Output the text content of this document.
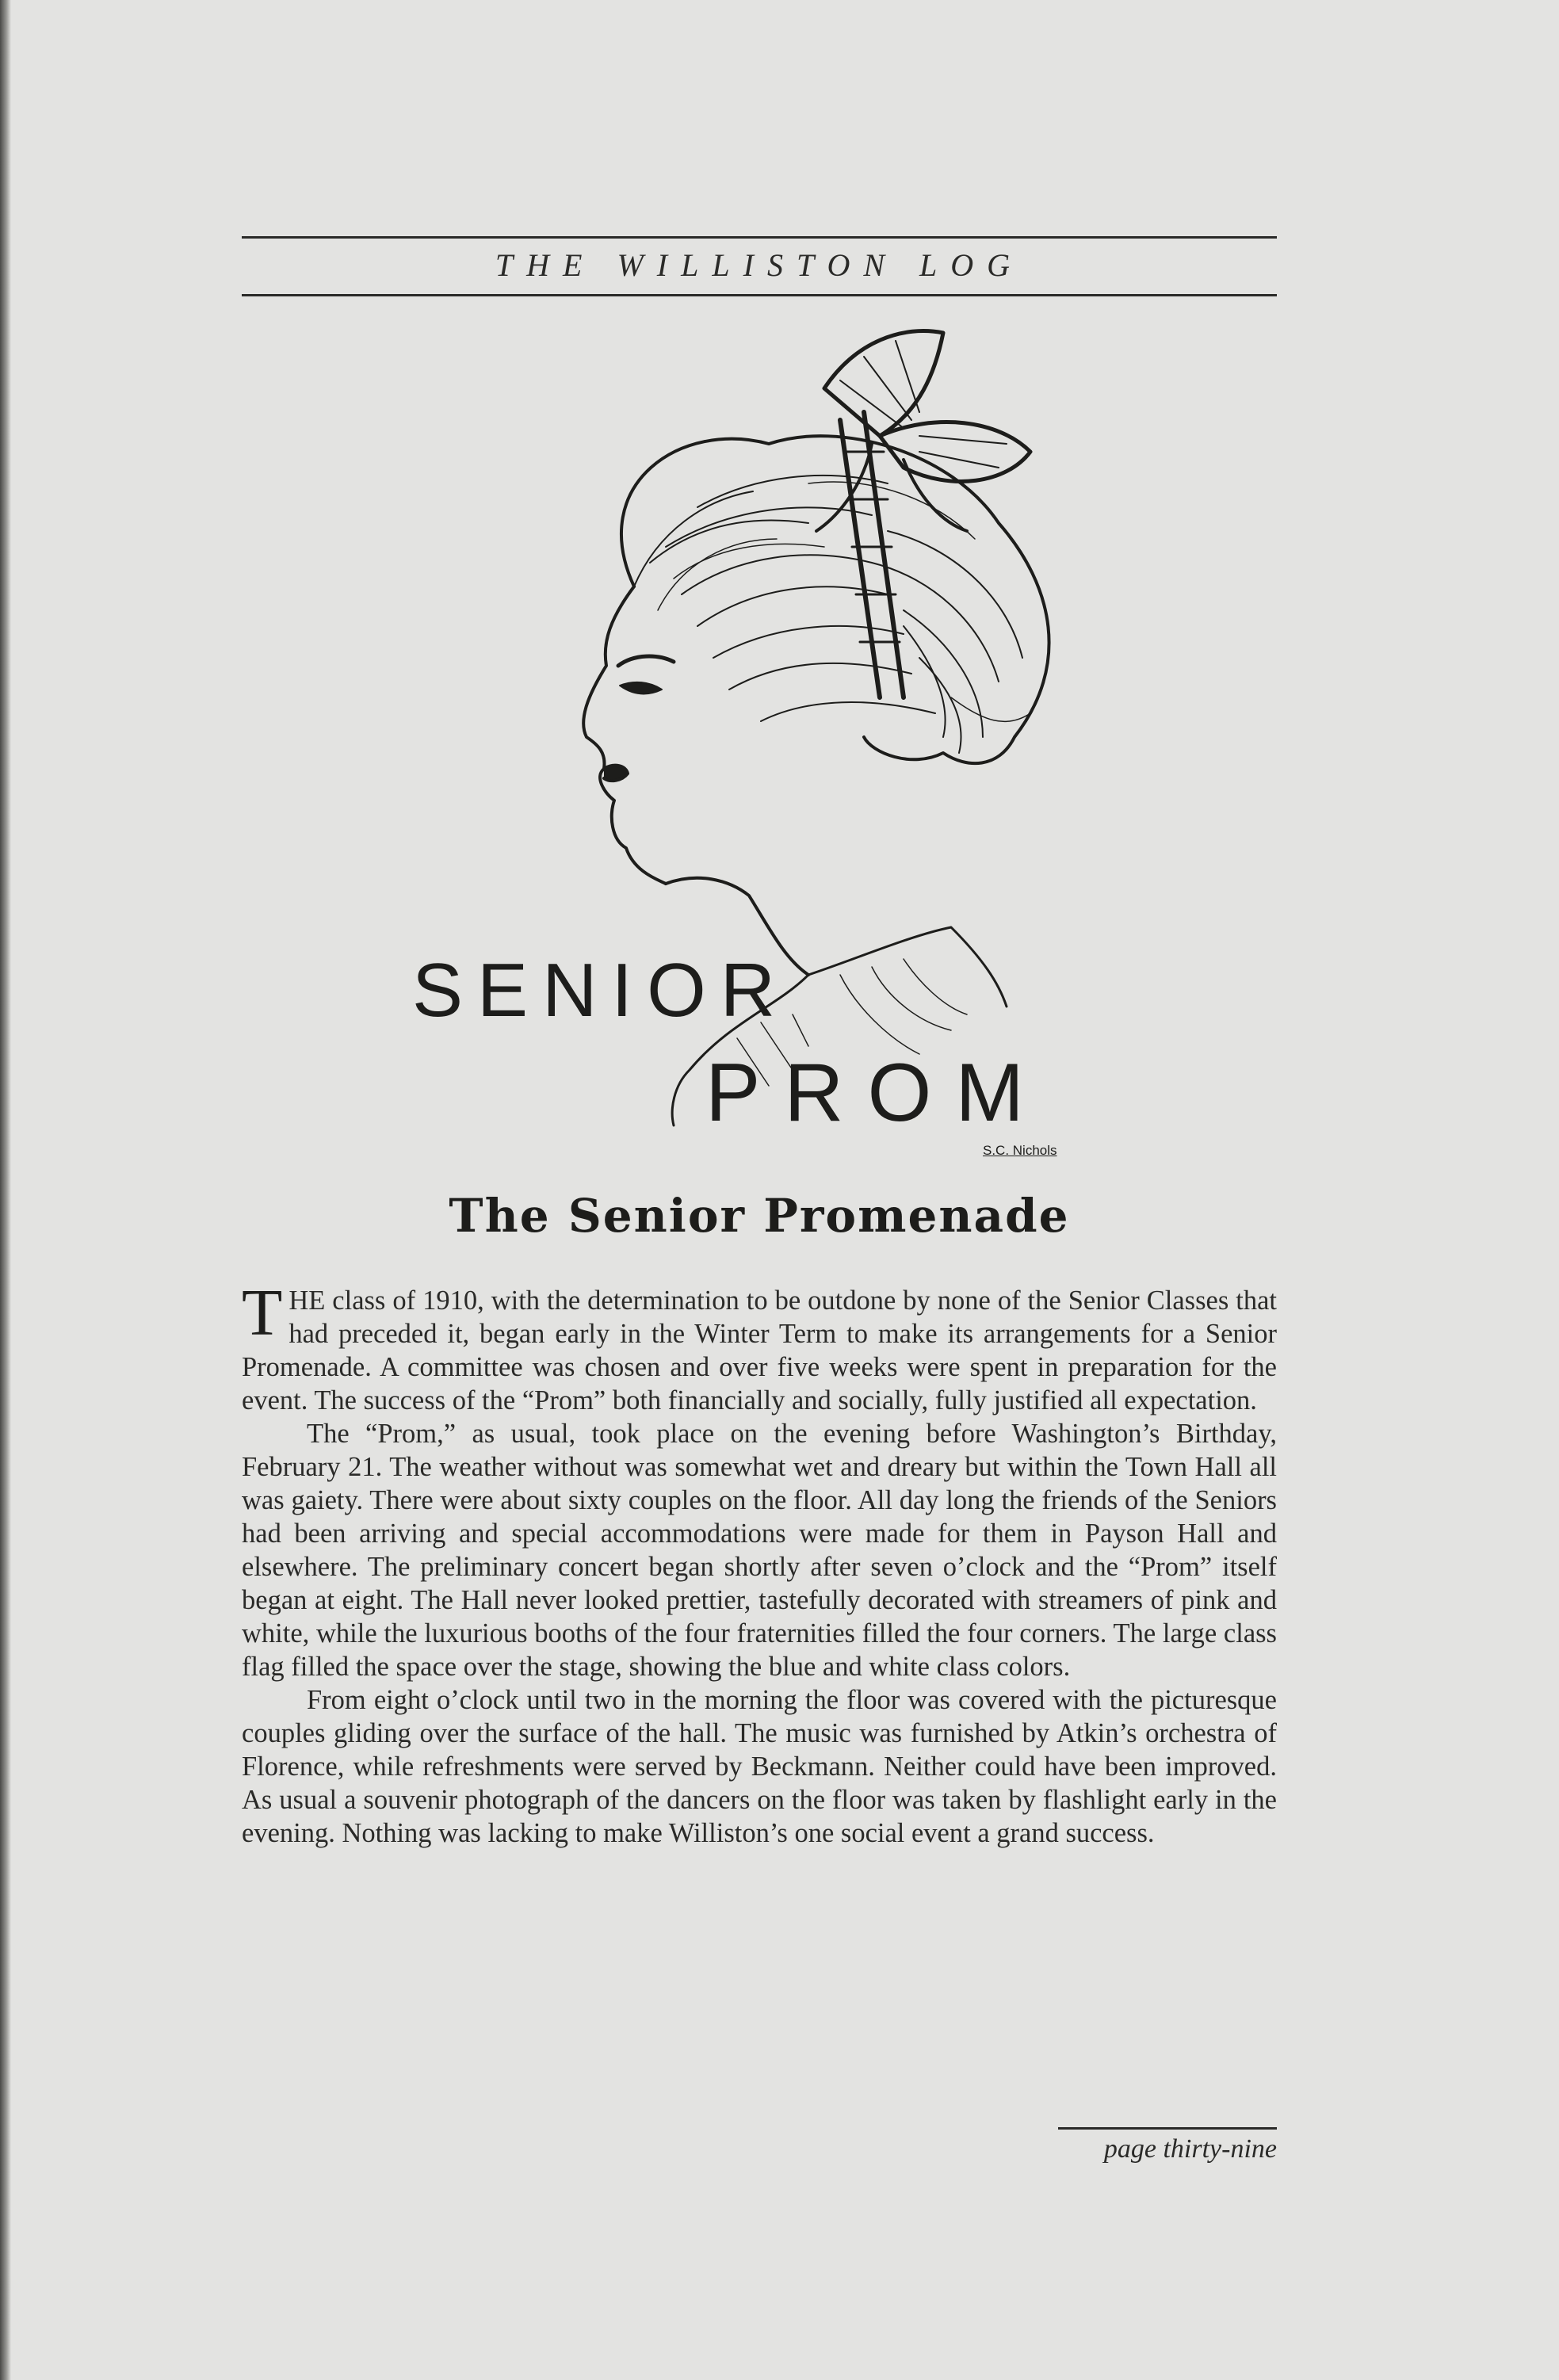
THE WILLISTON LOG
SENIOR
PROM
S.C. Nichols
The Senior Promenade

T HE class of 1910, with the determination to be outdone by none of the Senior Classes that had preceded it, began early in the Winter Term to make its arrangements for a Senior Promenade. A committee was chosen and over five weeks were spent in preparation for the event. The success of the “Prom” both financially and socially, fully justified all expectation.

The “Prom,” as usual, took place on the evening before Washington’s Birthday, February 21. The weather without was somewhat wet and dreary but within the Town Hall all was gaiety. There were about sixty couples on the floor. All day long the friends of the Seniors had been arriving and special accommodations were made for them in Payson Hall and elsewhere. The preliminary concert began shortly after seven o’clock and the “Prom” itself began at eight. The Hall never looked prettier, tastefully decorated with streamers of pink and white, while the luxurious booths of the four fraternities filled the four corners. The large class flag filled the space over the stage, showing the blue and white class colors.

From eight o’clock until two in the morning the floor was covered with the picturesque couples gliding over the surface of the hall. The music was furnished by Atkin’s orchestra of Florence, while refreshments were served by Beckmann. Neither could have been improved. As usual a souvenir photograph of the dancers on the floor was taken by flashlight early in the evening. Nothing was lacking to make Williston’s one social event a grand success.

page thirty-nine
